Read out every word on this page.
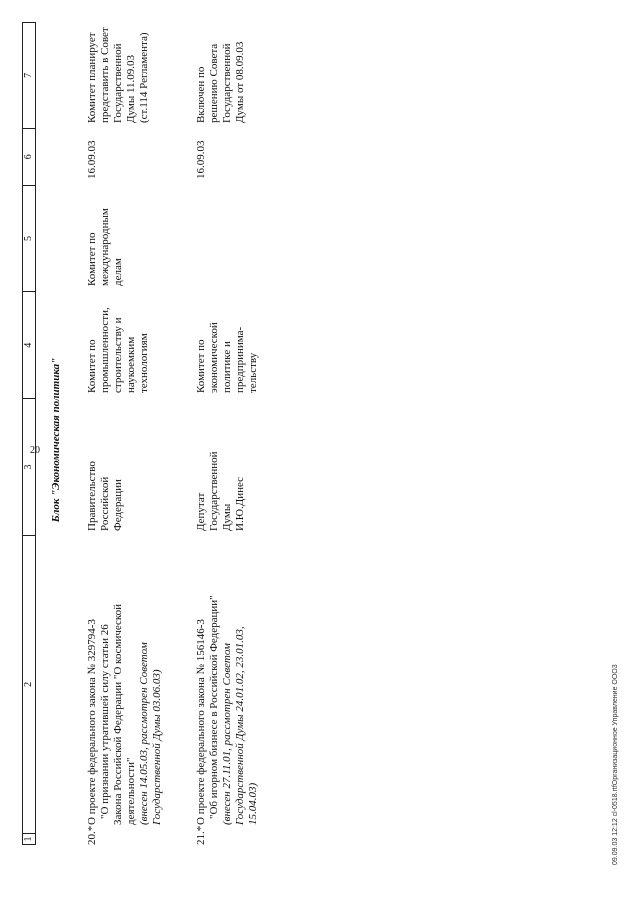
20
1
2
3
4
5
6
7
Блок "Экономическая политика"
20.*
О проекте федерального закона № 329794-3 "О признании утратившей силу статьи 26 Закона Российской Федерации "О космической деятельности" (внесен 14.05.03, рассмотрен Советом Государственной Думы 03.06.03)
Правительство Российской Федерации
Комитет по промышленности, строительству и наукоемким технологиям
Комитет по международным делам
16.09.03
Комитет планирует представить в Совет Государственной Думы 11.09.03 (ст.114 Регламента)
21.*
О проекте федерального закона № 156146-3 "Об игорном бизнесе в Российской Федерации" (внесен 27.11.01, рассмотрен Советом Государственной Думы 24.01.02, 23.01.03, 15.04.03)
Депутат Государственной Думы И.Ю.Динес
Комитет по экономической политике и предпринима- тельству
16.09.03
Включен по решению Совета Государственной Думы от 08.09.03
09.09.03 12:12 cl-0518.rtfОрганизационное Управление ООО3
